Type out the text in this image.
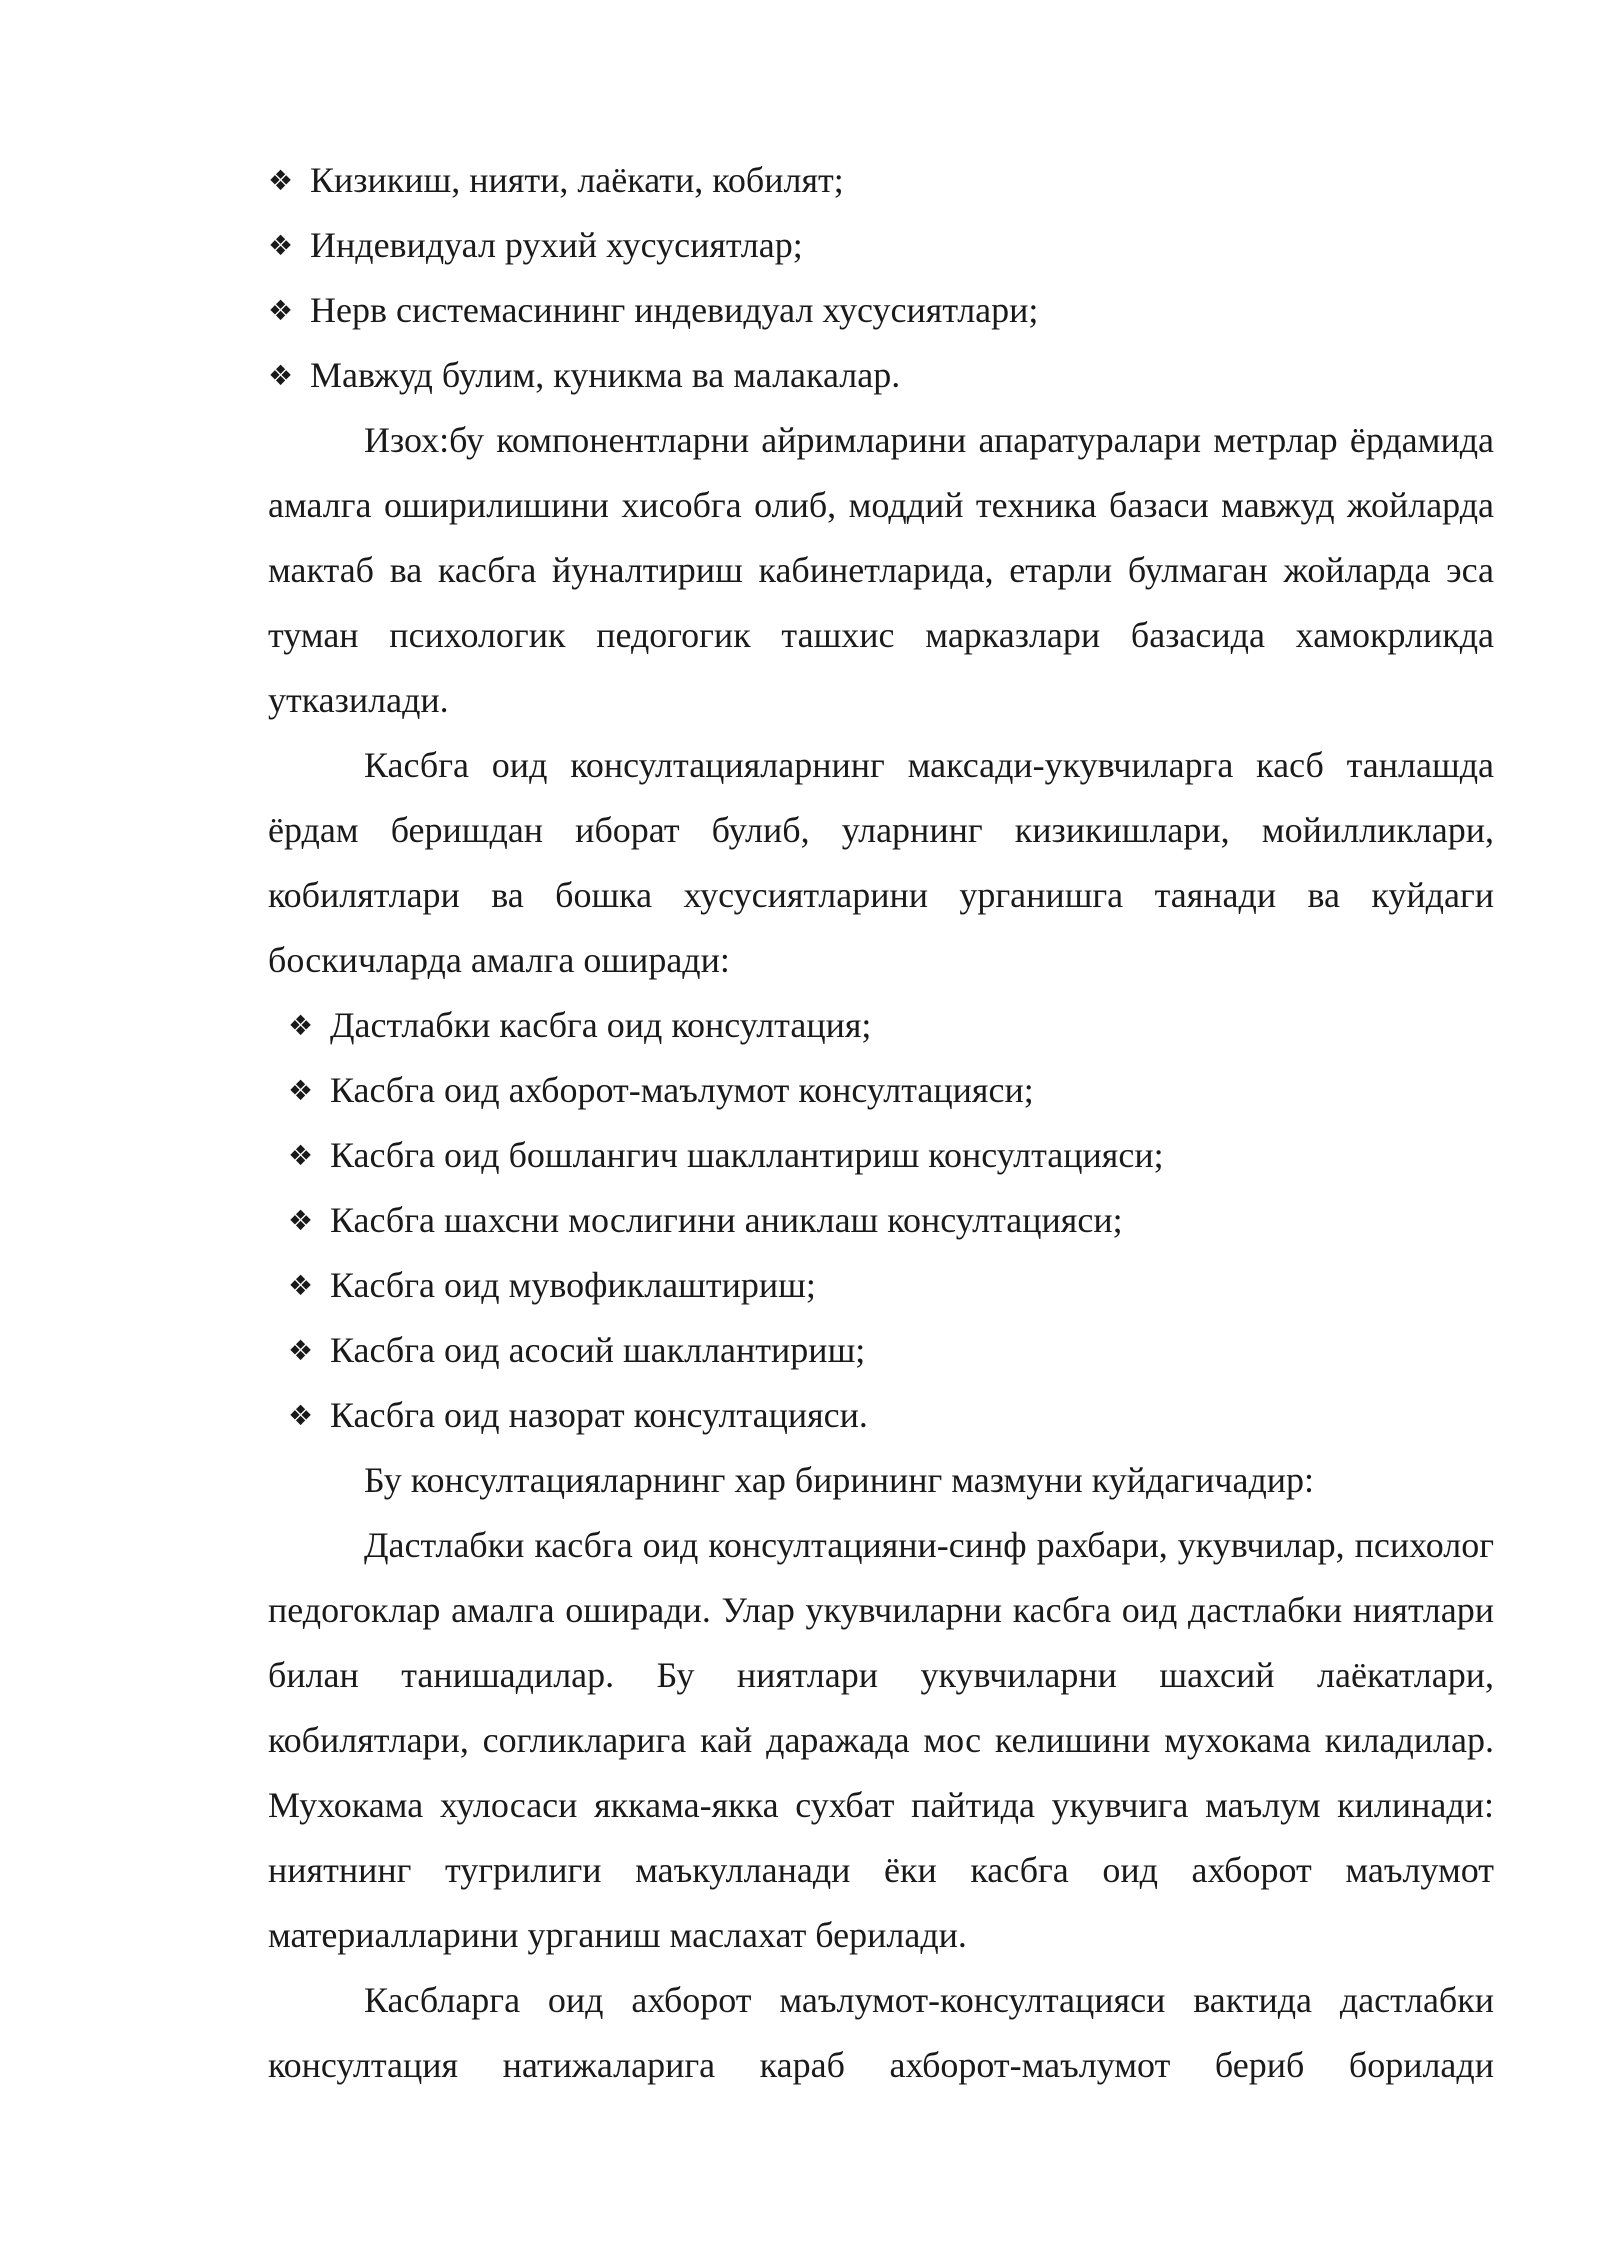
❖ Кизикиш, нияти, лаёкати, кобилят;
❖ Индевидуал рухий хусусиятлар;
❖ Нерв системасининг индевидуал хусусиятлари;
❖ Мавжуд булим, куникма ва малакалар.

Изох:бу компонентларни айримларини апаратуралари метрлар ёрдамида амалга оширилишини хисобга олиб, моддий техника базаси мавжуд жойларда мактаб ва касбга йуналтириш кабинетларида, етарли булмаган жойларда эса туман психологик педогогик ташхис марказлари базасида хамокрликда утказилади.

Касбга оид консултацияларнинг максади-укувчиларга касб танлашда ёрдам беришдан иборат булиб, уларнинг кизикишлари, мойилликлари, кобилятлари ва бошка хусусиятларини урганишга таянади ва куйдаги боскичларда амалга оширади:

❖ Дастлабки касбга оид консултация;
❖ Касбга оид ахборот-маълумот консултацияси;
❖ Касбга оид бошлангич шакллантириш консултацияси;
❖ Касбга шахсни мослигини аниклаш консултацияси;
❖ Касбга оид мувофиклаштириш;
❖ Касбга оид асосий шакллантириш;
❖ Касбга оид назорат консултацияси.

Бу консултацияларнинг хар бирининг мазмуни куйдагичадир:

Дастлабки касбга оид консултацияни-синф рахбари, укувчилар, психолог педогоклар амалга оширади. Улар укувчиларни касбга оид дастлабки ниятлари билан танишадилар. Бу ниятлари укувчиларни шахсий лаёкатлари, кобилятлари, согликларига кай даражада мос келишини мухокама киладилар. Мухокама хулосаси яккама-якка сухбат пайтида укувчига маълум килинади: ниятнинг тугрилиги маъкулланади ёки касбга оид ахборот маълумот материалларини урганиш маслахат берилади.

Касбларга оид ахборот маълумот-консултацияси вактида дастлабки консултация натижаларига караб ахборот-маълумот бериб борилади
